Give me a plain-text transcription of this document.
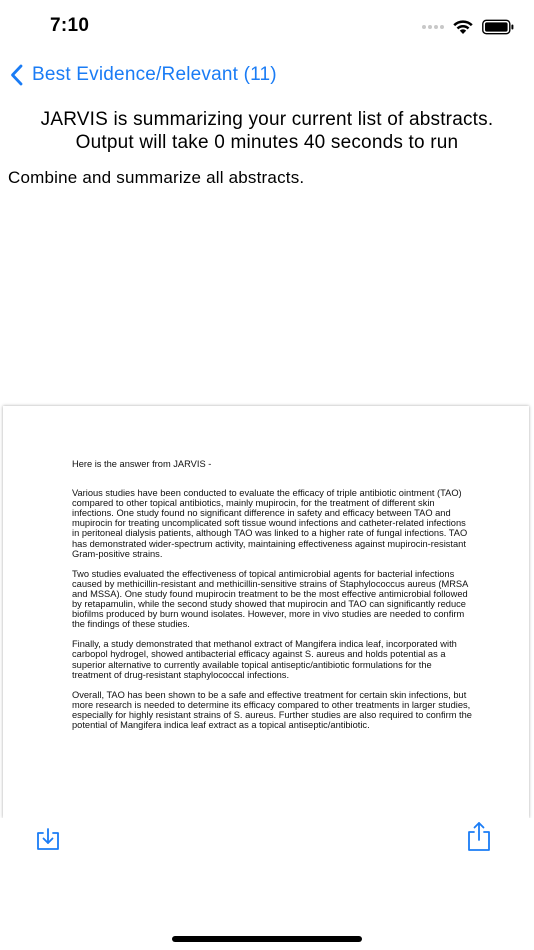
7:10
Best Evidence/Relevant (11)
JARVIS is summarizing your current list of abstracts.
Output will take 0 minutes 40 seconds to run
Combine and summarize all abstracts.

Here is the answer from JARVIS -

Various studies have been conducted to evaluate the efficacy of triple antibiotic ointment (TAO) compared to other topical antibiotics, mainly mupirocin, for the treatment of different skin infections. One study found no significant difference in safety and efficacy between TAO and mupirocin for treating uncomplicated soft tissue wound infections and catheter-related infections in peritoneal dialysis patients, although TAO was linked to a higher rate of fungal infections. TAO has demonstrated wider-spectrum activity, maintaining effectiveness against mupirocin-resistant Gram-positive strains.

Two studies evaluated the effectiveness of topical antimicrobial agents for bacterial infections caused by methicillin-resistant and methicillin-sensitive strains of Staphylococcus aureus (MRSA and MSSA). One study found mupirocin treatment to be the most effective antimicrobial followed by retapamulin, while the second study showed that mupirocin and TAO can significantly reduce biofilms produced by burn wound isolates. However, more in vivo studies are needed to confirm the findings of these studies.

Finally, a study demonstrated that methanol extract of Mangifera indica leaf, incorporated with carbopol hydrogel, showed antibacterial efficacy against S. aureus and holds potential as a superior alternative to currently available topical antiseptic/antibiotic formulations for the treatment of drug-resistant staphylococcal infections.

Overall, TAO has been shown to be a safe and effective treatment for certain skin infections, but more research is needed to determine its efficacy compared to other treatments in larger studies, especially for highly resistant strains of S. aureus. Further studies are also required to confirm the potential of Mangifera indica leaf extract as a topical antiseptic/antibiotic.
